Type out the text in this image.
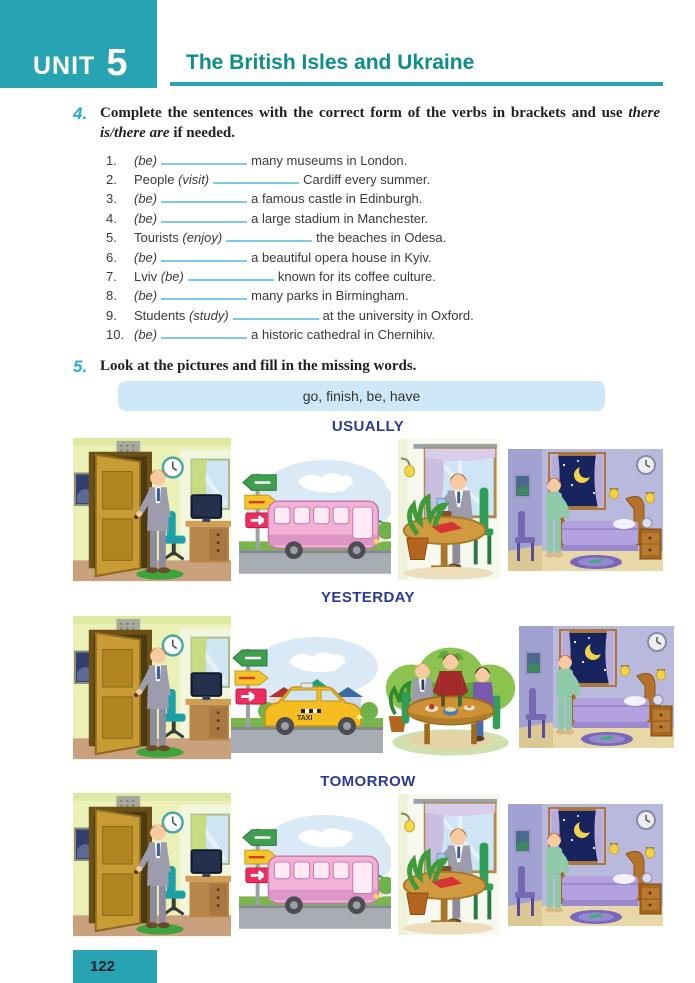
UNIT 5	The British Isles and Ukraine
4. Complete the sentences with the correct form of the verbs in brackets and use there is/there are if needed.

1.	(be)	many museums in London.
2.	People (visit)	Cardiff every summer.
3.	(be)	a famous castle in Edinburgh.
4.	(be)	a large stadium in Manchester.
5.	Tourists (enjoy)	the beaches in Odesa.
6.	(be)	a beautiful opera house in Kyiv.
7.	Lviv (be)	known for its coffee culture.
8.	(be)	many parks in Birmingham.
9.	Students (study)	at the university in Oxford.
10. (be)	a historic cathedral in Chernihiv.
5. Look at the pictures and fill in the missing words.

go, finish, be, have
USUALLY
YESTERDAY
TAXI
TOMORROW
122
